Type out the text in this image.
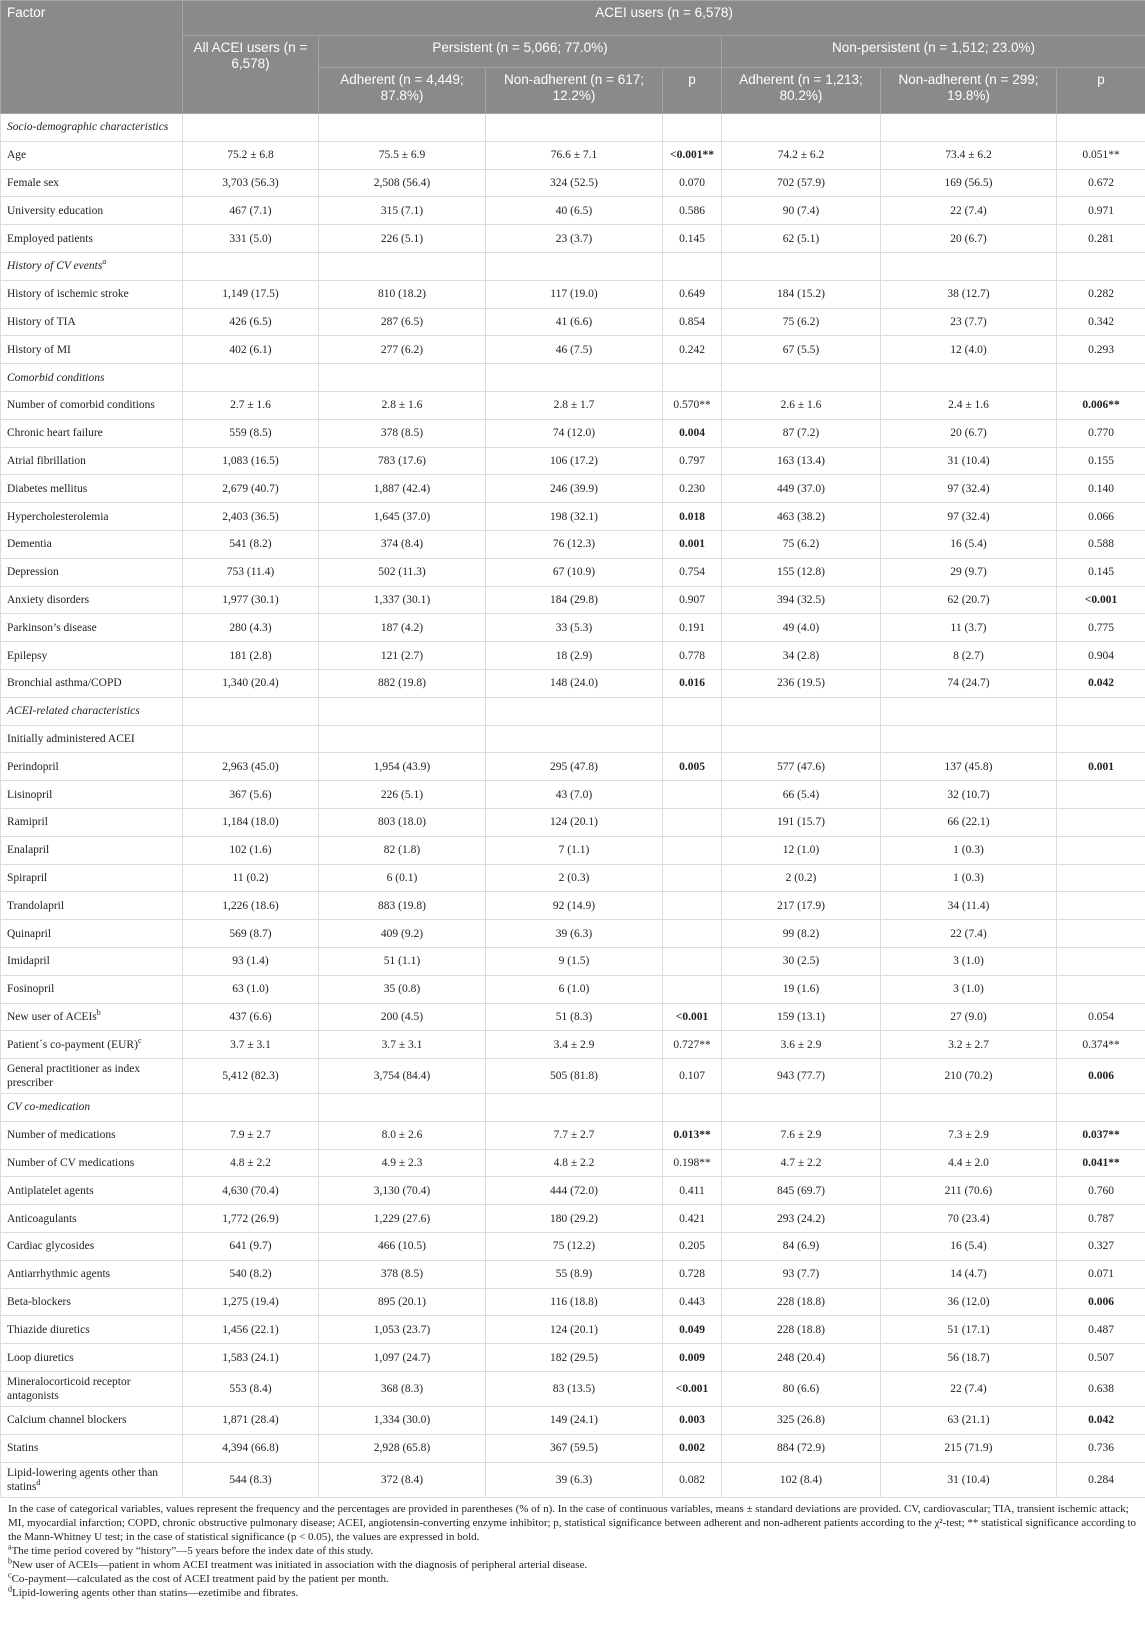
Factor	ACEI users (n = 6,578)						
	All ACEI users (n = 6,578)	Persistent (n = 5,066; 77.0%)			Non-persistent (n = 1,512; 23.0%)		
		Adherent (n = 4,449; 87.8%)	Non-adherent (n = 617; 12.2%)	p	Adherent (n = 1,213; 80.2%)	Non-adherent (n = 299; 19.8%)	p
Socio-demographic characteristics							
Age	75.2 ± 6.8	75.5 ± 6.9	76.6 ± 7.1	<0.001**	74.2 ± 6.2	73.4 ± 6.2	0.051**
Female sex	3,703 (56.3)	2,508 (56.4)	324 (52.5)	0.070	702 (57.9)	169 (56.5)	0.672
University education	467 (7.1)	315 (7.1)	40 (6.5)	0.586	90 (7.4)	22 (7.4)	0.971
Employed patients	331 (5.0)	226 (5.1)	23 (3.7)	0.145	62 (5.1)	20 (6.7)	0.281
History of CV events$^a$							
History of ischemic stroke	1,149 (17.5)	810 (18.2)	117 (19.0)	0.649	184 (15.2)	38 (12.7)	0.282
History of TIA	426 (6.5)	287 (6.5)	41 (6.6)	0.854	75 (6.2)	23 (7.7)	0.342
History of MI	402 (6.1)	277 (6.2)	46 (7.5)	0.242	67 (5.5)	12 (4.0)	0.293
Comorbid conditions							
Number of comorbid conditions	2.7 ± 1.6	2.8 ± 1.6	2.8 ± 1.7	0.570**	2.6 ± 1.6	2.4 ± 1.6	0.006**
Chronic heart failure	559 (8.5)	378 (8.5)	74 (12.0)	0.004	87 (7.2)	20 (6.7)	0.770
Atrial fibrillation	1,083 (16.5)	783 (17.6)	106 (17.2)	0.797	163 (13.4)	31 (10.4)	0.155
Diabetes mellitus	2,679 (40.7)	1,887 (42.4)	246 (39.9)	0.230	449 (37.0)	97 (32.4)	0.140
Hypercholesterolemia	2,403 (36.5)	1,645 (37.0)	198 (32.1)	0.018	463 (38.2)	97 (32.4)	0.066
Dementia	541 (8.2)	374 (8.4)	76 (12.3)	0.001	75 (6.2)	16 (5.4)	0.588
Depression	753 (11.4)	502 (11.3)	67 (10.9)	0.754	155 (12.8)	29 (9.7)	0.145
Anxiety disorders	1,977 (30.1)	1,337 (30.1)	184 (29.8)	0.907	394 (32.5)	62 (20.7)	<0.001
Parkinson’s disease	280 (4.3)	187 (4.2)	33 (5.3)	0.191	49 (4.0)	11 (3.7)	0.775
Epilepsy	181 (2.8)	121 (2.7)	18 (2.9)	0.778	34 (2.8)	8 (2.7)	0.904
Bronchial asthma/COPD	1,340 (20.4)	882 (19.8)	148 (24.0)	0.016	236 (19.5)	74 (24.7)	0.042
ACEI-related characteristics							
Initially administered ACEI							
Perindopril	2,963 (45.0)	1,954 (43.9)	295 (47.8)	0.005	577 (47.6)	137 (45.8)	0.001
Lisinopril	367 (5.6)	226 (5.1)	43 (7.0)		66 (5.4)	32 (10.7)	
Ramipril	1,184 (18.0)	803 (18.0)	124 (20.1)		191 (15.7)	66 (22.1)	
Enalapril	102 (1.6)	82 (1.8)	7 (1.1)		12 (1.0)	1 (0.3)	
Spirapril	11 (0.2)	6 (0.1)	2 (0.3)		2 (0.2)	1 (0.3)	
Trandolapril	1,226 (18.6)	883 (19.8)	92 (14.9)		217 (17.9)	34 (11.4)	
Quinapril	569 (8.7)	409 (9.2)	39 (6.3)		99 (8.2)	22 (7.4)	
Imidapril	93 (1.4)	51 (1.1)	9 (1.5)		30 (2.5)	3 (1.0)	
Fosinopril	63 (1.0)	35 (0.8)	6 (1.0)		19 (1.6)	3 (1.0)	
New user of ACEIs$^b$	437 (6.6)	200 (4.5)	51 (8.3)	<0.001	159 (13.1)	27 (9.0)	0.054
Patient´s co-payment (EUR)$^c$	3.7 ± 3.1	3.7 ± 3.1	3.4 ± 2.9	0.727**	3.6 ± 2.9	3.2 ± 2.7	0.374**
General practitioner as index prescriber	5,412 (82.3)	3,754 (84.4)	505 (81.8)	0.107	943 (77.7)	210 (70.2)	0.006
CV co-medication							
Number of medications	7.9 ± 2.7	8.0 ± 2.6	7.7 ± 2.7	0.013**	7.6 ± 2.9	7.3 ± 2.9	0.037**
Number of CV medications	4.8 ± 2.2	4.9 ± 2.3	4.8 ± 2.2	0.198**	4.7 ± 2.2	4.4 ± 2.0	0.041**
Antiplatelet agents	4,630 (70.4)	3,130 (70.4)	444 (72.0)	0.411	845 (69.7)	211 (70.6)	0.760
Anticoagulants	1,772 (26.9)	1,229 (27.6)	180 (29.2)	0.421	293 (24.2)	70 (23.4)	0.787
Cardiac glycosides	641 (9.7)	466 (10.5)	75 (12.2)	0.205	84 (6.9)	16 (5.4)	0.327
Antiarrhythmic agents	540 (8.2)	378 (8.5)	55 (8.9)	0.728	93 (7.7)	14 (4.7)	0.071
Beta-blockers	1,275 (19.4)	895 (20.1)	116 (18.8)	0.443	228 (18.8)	36 (12.0)	0.006
Thiazide diuretics	1,456 (22.1)	1,053 (23.7)	124 (20.1)	0.049	228 (18.8)	51 (17.1)	0.487
Loop diuretics	1,583 (24.1)	1,097 (24.7)	182 (29.5)	0.009	248 (20.4)	56 (18.7)	0.507
Mineralocorticoid receptor antagonists	553 (8.4)	368 (8.3)	83 (13.5)	<0.001	80 (6.6)	22 (7.4)	0.638
Calcium channel blockers	1,871 (28.4)	1,334 (30.0)	149 (24.1)	0.003	325 (26.8)	63 (21.1)	0.042
Statins	4,394 (66.8)	2,928 (65.8)	367 (59.5)	0.002	884 (72.9)	215 (71.9)	0.736
Lipid-lowering agents other than statins$^d$	544 (8.3)	372 (8.4)	39 (6.3)	0.082	102 (8.4)	31 (10.4)	0.284

In the case of categorical variables, values represent the frequency and the percentages are provided in parentheses (% of n). In the case of continuous variables, means ± standard deviations are provided. CV, cardiovascular; TIA, transient ischemic attack; MI, myocardial infarction; COPD, chronic obstructive pulmonary disease; ACEI, angiotensin-converting enzyme inhibitor; p, statistical significance between adherent and non-adherent patients according to the χ²-test; ** statistical significance according to the Mann-Whitney U test; in the case of statistical significance (p < 0.05), the values are expressed in bold.

$^a$The time period covered by “history”—5 years before the index date of this study.

$^b$New user of ACEIs—patient in whom ACEI treatment was initiated in association with the diagnosis of peripheral arterial disease.

$^c$Co-payment—calculated as the cost of ACEI treatment paid by the patient per month.

$^d$Lipid-lowering agents other than statins—ezetimibe and fibrates.
